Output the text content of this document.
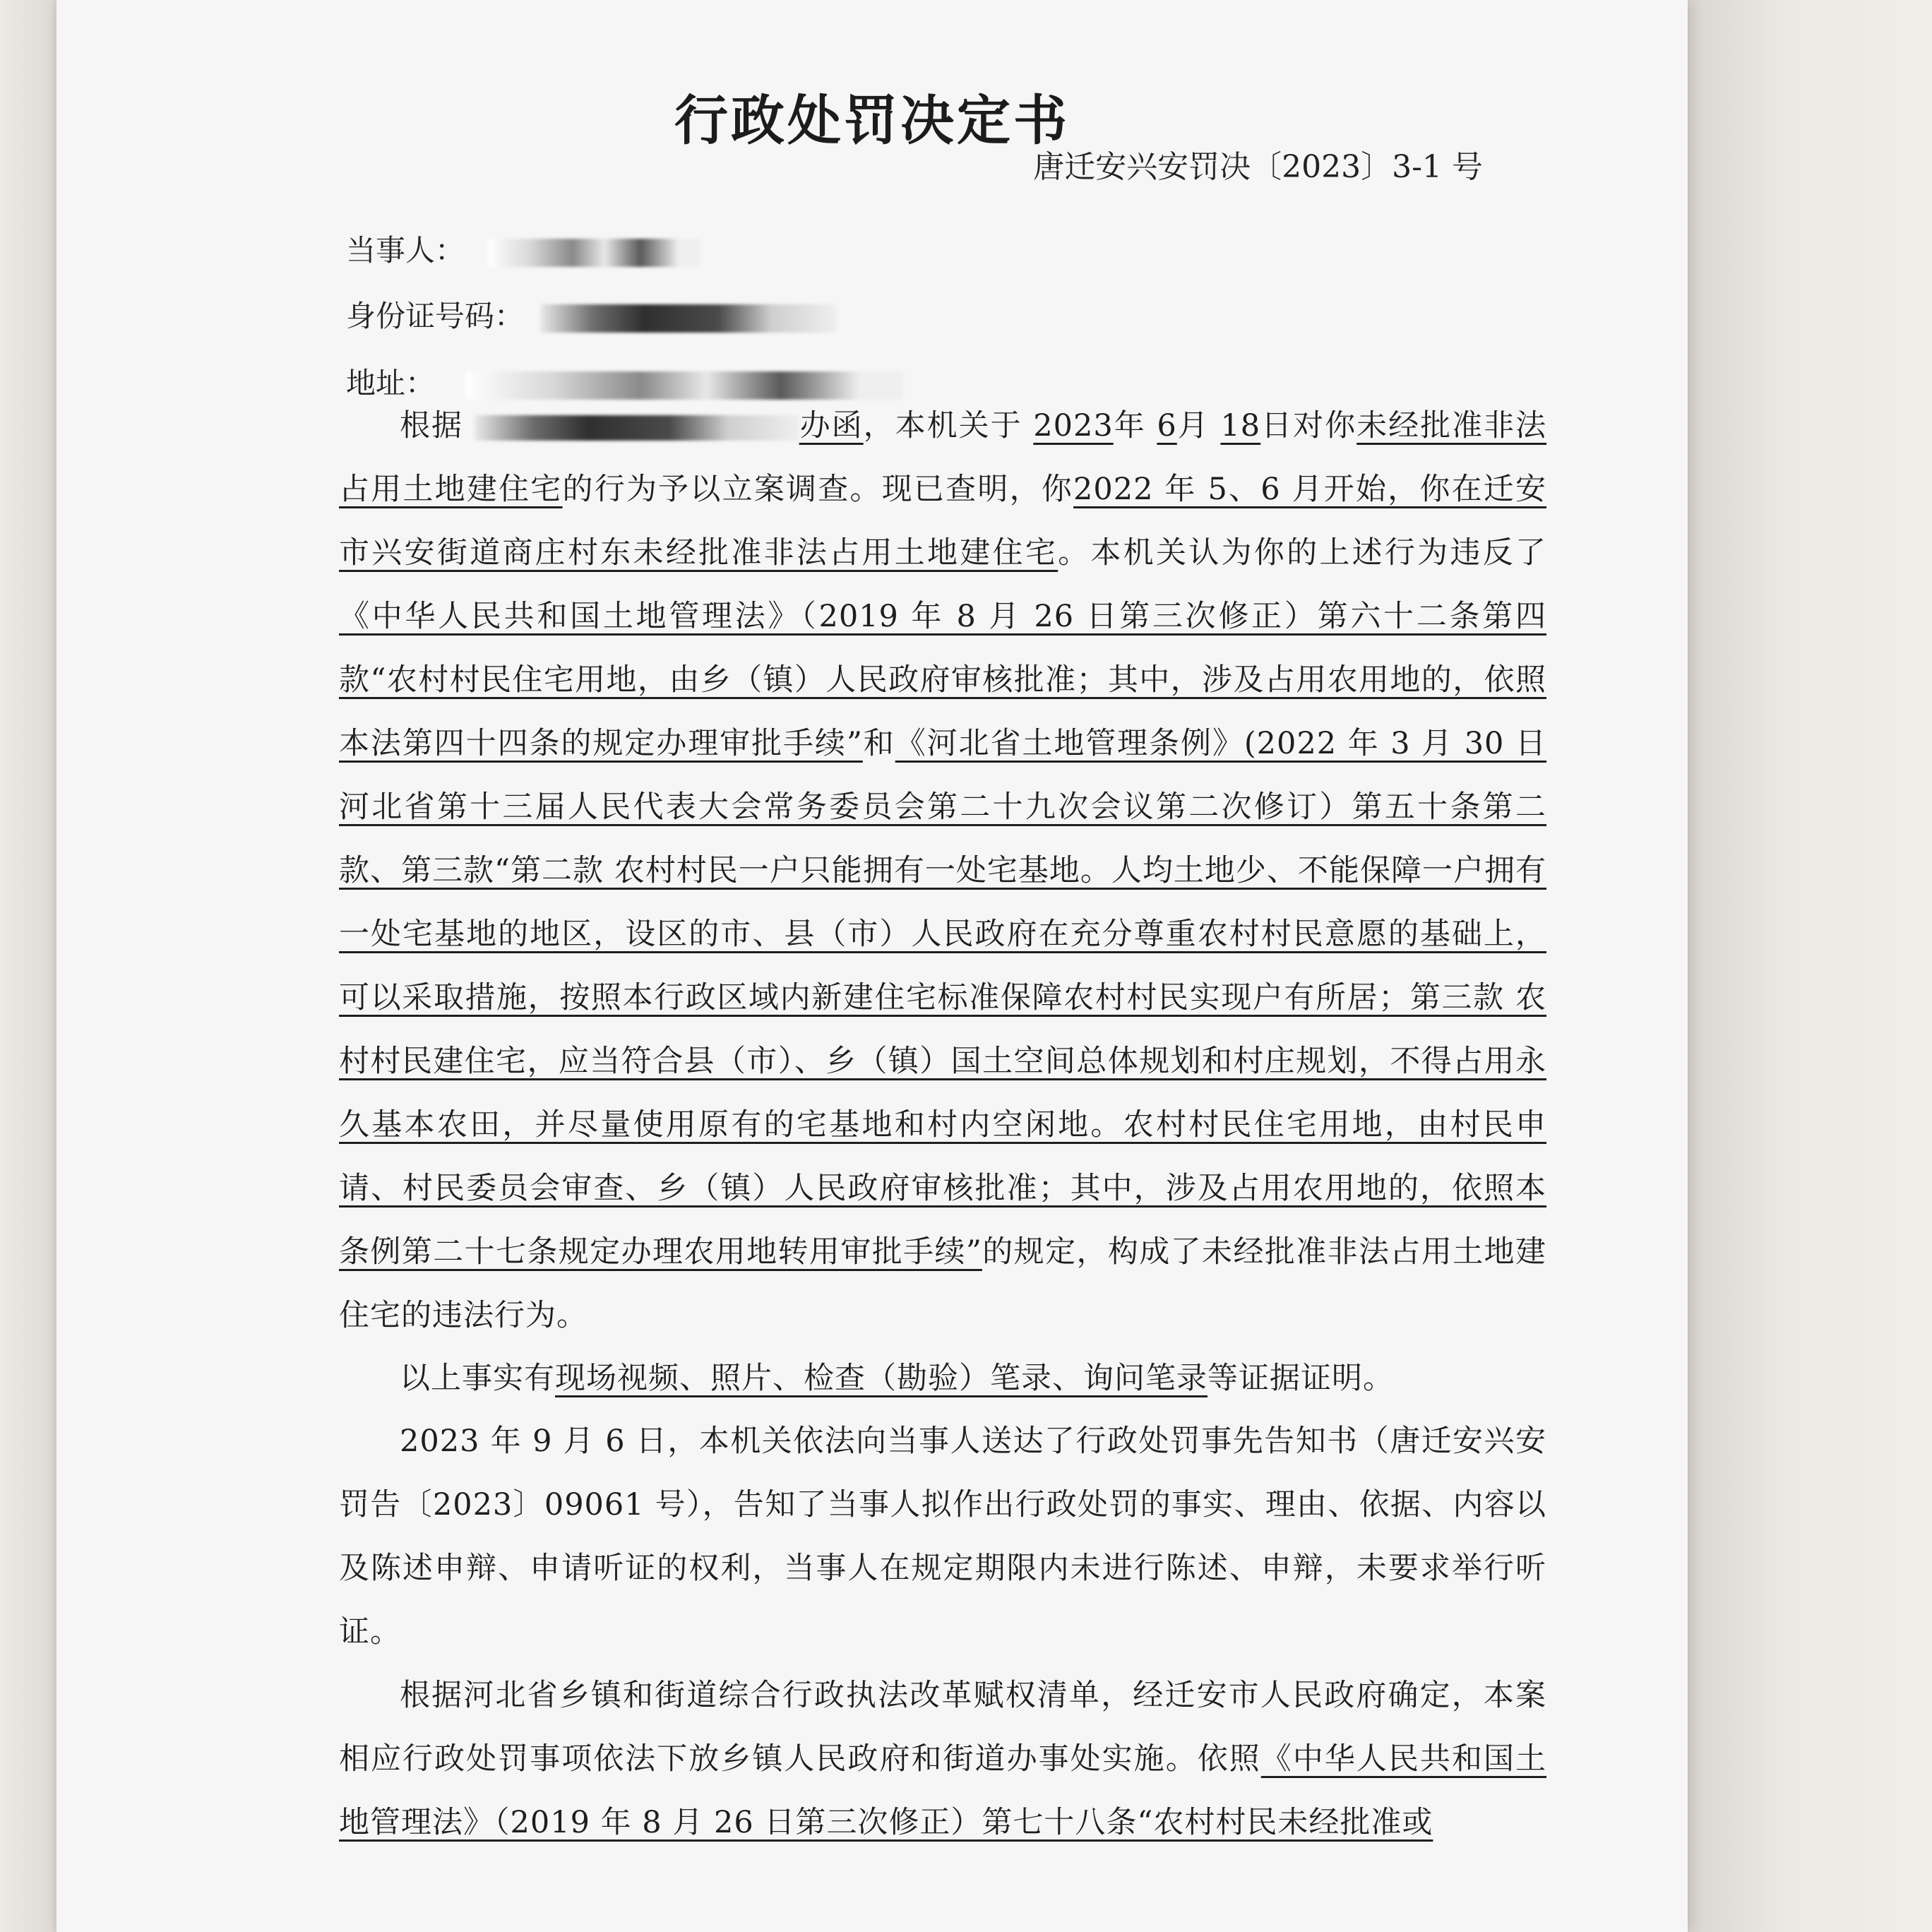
行政处罚决定书
唐迁安兴安罚决〔2023〕3-1 号
当事人：
身份证号码：
地址：

根据	办函，本机关于 2023年 6月 18日对你未经批准非法占用土地建住宅的行为予以立案调查。现已查明，你2022 年 5、6 月开始，你在迁安市兴安街道商庄村东未经批准非法占用土地建住宅。本机关认为你的上述行为违反了《中华人民共和国土地管理法》（2019 年 8 月 26 日第三次修正）第六十二条第四款“农村村民住宅用地，由乡（镇）人民政府审核批准；其中，涉及占用农用地的，依照本法第四十四条的规定办理审批手续”和《河北省土地管理条例》(2022 年 3 月 30 日河北省第十三届人民代表大会常务委员会第二十九次会议第二次修订）第五十条第二款、第三款“第二款 农村村民一户只能拥有一处宅基地。人均土地少、不能保障一户拥有一处宅基地的地区，设区的市、县（市）人民政府在充分尊重农村村民意愿的基础上，可以采取措施，按照本行政区域内新建住宅标准保障农村村民实现户有所居；第三款 农村村民建住宅，应当符合县（市）、乡（镇）国土空间总体规划和村庄规划，不得占用永久基本农田，并尽量使用原有的宅基地和村内空闲地。农村村民住宅用地，由村民申请、村民委员会审查、乡（镇）人民政府审核批准；其中，涉及占用农用地的，依照本条例第二十七条规定办理农用地转用审批手续”的规定，构成了未经批准非法占用土地建住宅的违法行为。

以上事实有现场视频、照片、检查（勘验）笔录、询问笔录等证据证明。

2023 年 9 月 6 日，本机关依法向当事人送达了行政处罚事先告知书（唐迁安兴安罚告〔2023〕09061 号），告知了当事人拟作出行政处罚的事实、理由、依据、内容以及陈述申辩、申请听证的权利，当事人在规定期限内未进行陈述、申辩，未要求举行听证。

根据河北省乡镇和街道综合行政执法改革赋权清单，经迁安市人民政府确定，本案相应行政处罚事项依法下放乡镇人民政府和街道办事处实施。依照《中华人民共和国土地管理法》（2019 年 8 月 26 日第三次修正）第七十八条“农村村民未经批准或
